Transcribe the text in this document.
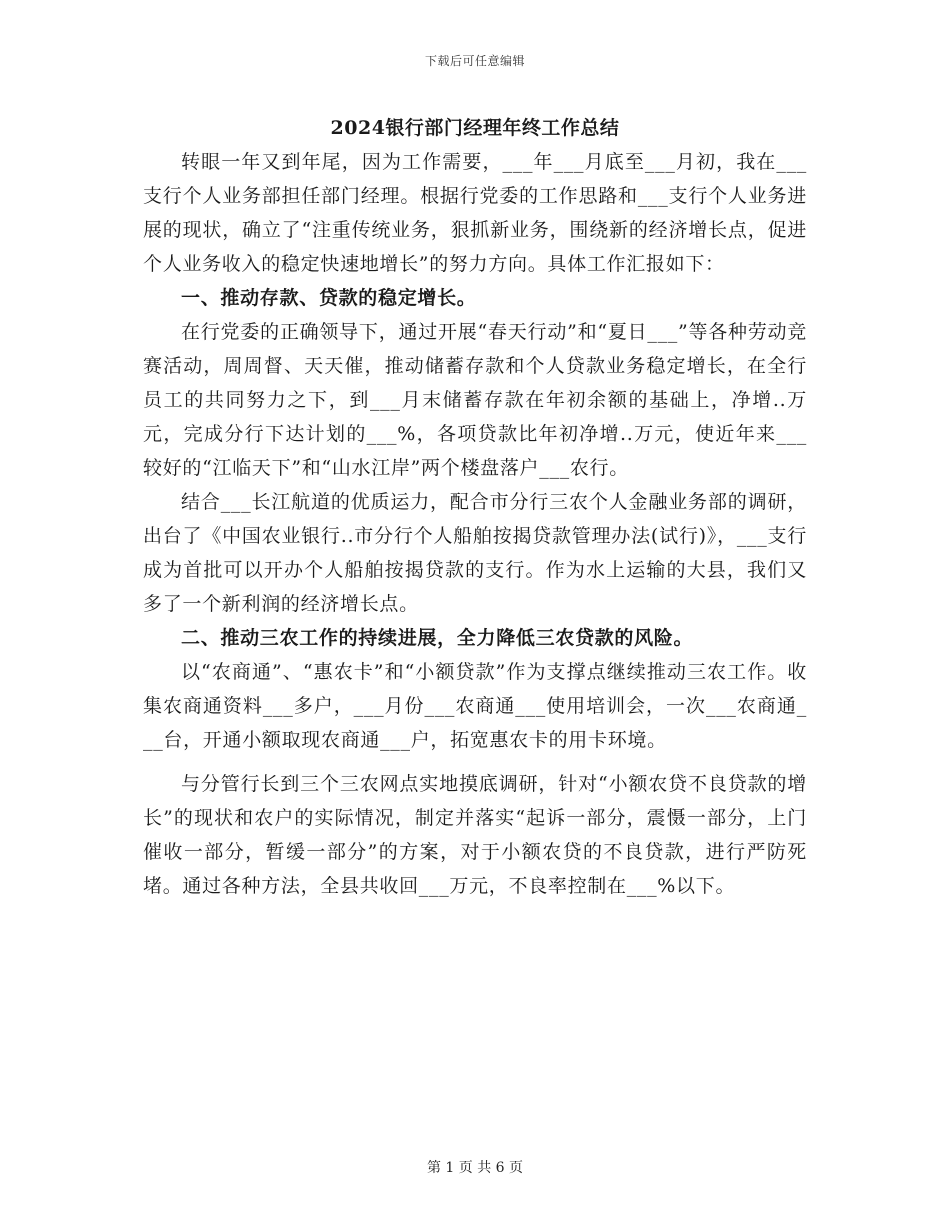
下载后可任意编辑
2024银行部门经理年终工作总结

转眼一年又到年尾，因为工作需要，___年___月底至___月初，我在___支行个人业务部担任部门经理。根据行党委的工作思路和___支行个人业务进展的现状，确立了“注重传统业务，狠抓新业务，围绕新的经济增长点，促进个人业务收入的稳定快速地增长”的努力方向。具体工作汇报如下：

一、推动存款、贷款的稳定增长。

在行党委的正确领导下，通过开展“春天行动”和“夏日___”等各种劳动竞赛活动，周周督、天天催，推动储蓄存款和个人贷款业务稳定增长，在全行员工的共同努力之下，到___月末储蓄存款在年初余额的基础上，净增..万元，完成分行下达计划的___%，各项贷款比年初净增..万元，使近年来___较好的“江临天下”和“山水江岸”两个楼盘落户___农行。

结合___长江航道的优质运力，配合市分行三农个人金融业务部的调研，出台了《中国农业银行..市分行个人船舶按揭贷款管理办法(试行)》，___支行成为首批可以开办个人船舶按揭贷款的支行。作为水上运输的大县，我们又多了一个新利润的经济增长点。

二、推动三农工作的持续进展，全力降低三农贷款的风险。

以“农商通”、“惠农卡”和“小额贷款”作为支撑点继续推动三农工作。收集农商通资料___多户，___月份___农商通___使用培训会，一次___农商通___台，开通小额取现农商通___户，拓宽惠农卡的用卡环境。

与分管行长到三个三农网点实地摸底调研，针对“小额农贷不良贷款的增长”的现状和农户的实际情况，制定并落实“起诉一部分，震慑一部分，上门催收一部分，暂缓一部分”的方案，对于小额农贷的不良贷款，进行严防死堵。通过各种方法，全县共收回___万元，不良率控制在___%以下。

第 1 页 共 6 页
